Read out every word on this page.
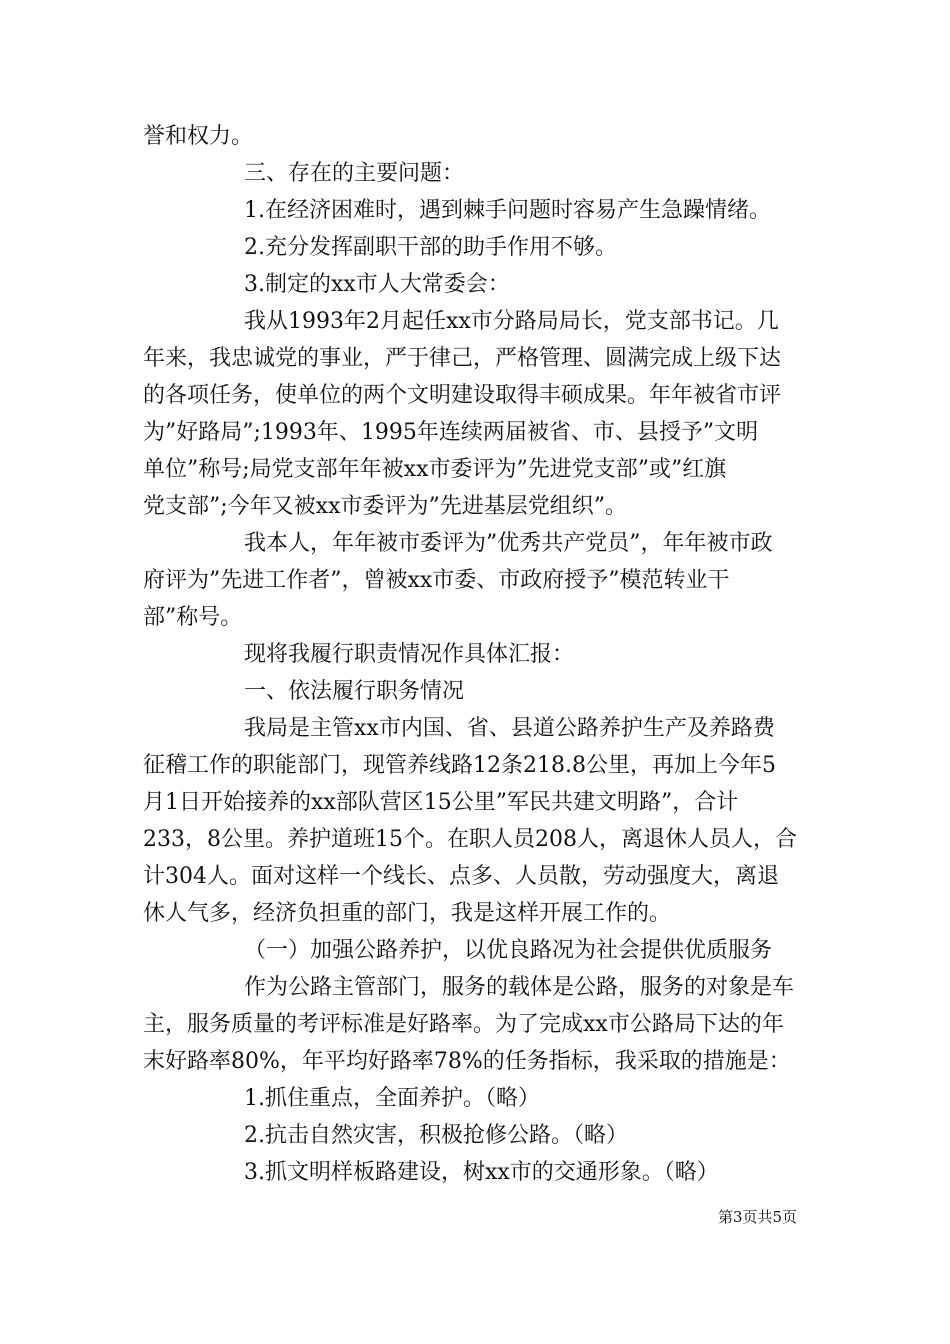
誉和权力。
三、存在的主要问题：
1.在经济困难时，遇到棘手问题时容易产生急躁情绪。
2.充分发挥副职干部的助手作用不够。
3.制定的xx市人大常委会：
我从1993年2月起任xx市分路局局长，党支部书记。几
年来，我忠诚党的事业，严于律己，严格管理、圆满完成上级下达
的各项任务，使单位的两个文明建设取得丰硕成果。年年被省市评
为”好路局”;1993年、1995年连续两届被省、市、县授予”文明
单位”称号;局党支部年年被xx市委评为”先进党支部”或”红旗
党支部”;今年又被xx市委评为”先进基层党组织”。
我本人，年年被市委评为”优秀共产党员”，年年被市政
府评为”先进工作者”，曾被xx市委、市政府授予”模范转业干
部”称号。
现将我履行职责情况作具体汇报：
一、依法履行职务情况
我局是主管xx市内国、省、县道公路养护生产及养路费
征稽工作的职能部门，现管养线路12条218.8公里，再加上今年5
月1日开始接养的xx部队营区15公里”军民共建文明路”，合计
233，8公里。养护道班15个。在职人员208人，离退休人员人，合
计304人。面对这样一个线长、点多、人员散，劳动强度大，离退
休人气多，经济负担重的部门，我是这样开展工作的。
（一）加强公路养护，以优良路况为社会提供优质服务
作为公路主管部门，服务的载体是公路，服务的对象是车
主，服务质量的考评标准是好路率。为了完成xx市公路局下达的年
末好路率80%，年平均好路率78%的任务指标，我采取的措施是：
1.抓住重点，全面养护。（略）
2.抗击自然灾害，积极抢修公路。（略）
3.抓文明样板路建设，树xx市的交通形象。（略）
第3页共5页
